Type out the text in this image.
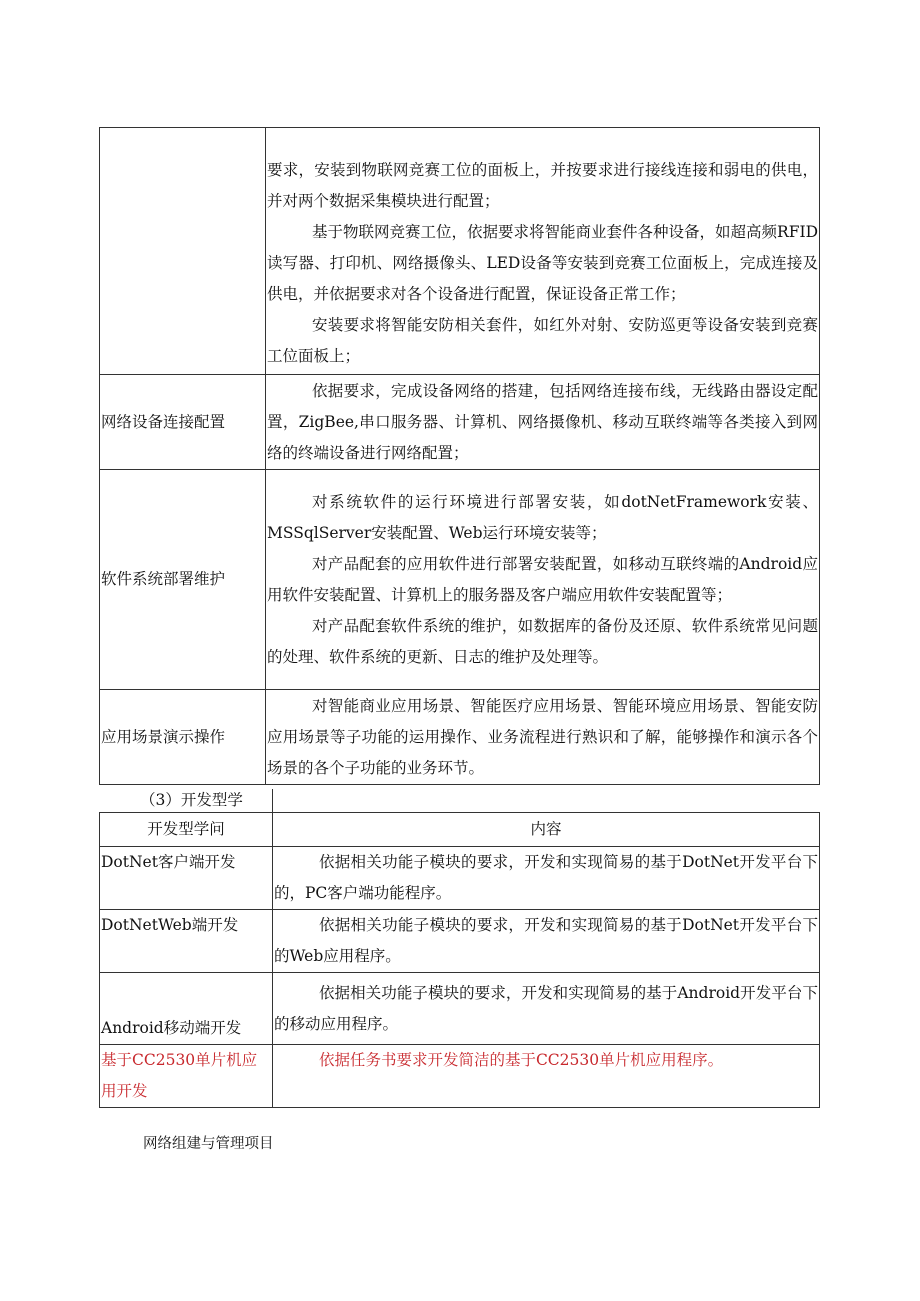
	要求，安装到物联网竞赛工位的面板上，并按要求进行接线连接和弱电的供电，并对两个数据采集模块进行配置；

基于物联网竞赛工位，依据要求将智能商业套件各种设备，如超高频RFID读写器、打印机、网络摄像头、LED设备等安装到竞赛工位面板上，完成连接及供电，并依据要求对各个设备进行配置，保证设备正常工作；

安装要求将智能安防相关套件，如红外对射、安防巡更等设备安装到竞赛工位面板上；

网络设备连接配置	依据要求，完成设备网络的搭建，包括网络连接布线，无线路由器设定配置，ZigBee,串口服务器、计算机、网络摄像机、移动互联终端等各类接入到网络的终端设备进行网络配置；

软件系统部署维护	对系统软件的运行环境进行部署安装，如dotNetFramework安装、MSSqlServer安装配置、Web运行环境安装等；

对产品配套的应用软件进行部署安装配置，如移动互联终端的Android应用软件安装配置、计算机上的服务器及客户端应用软件安装配置等；

对产品配套软件系统的维护，如数据库的备份及还原、软件系统常见问题的处理、软件系统的更新、日志的维护及处理等。

应用场景演示操作	对智能商业应用场景、智能医疗应用场景、智能环境应用场景、智能安防应用场景等子功能的运用操作、业务流程进行熟识和了解，能够操作和演示各个场景的各个子功能的业务环节。

（3）开发型学
开发型学问	内容
DotNet客户端开发	依据相关功能子模块的要求，开发和实现简易的基于DotNet开发平台下的，PC客户端功能程序。

DotNetWeb端开发	依据相关功能子模块的要求，开发和实现简易的基于DotNet开发平台下的Web应用程序。

Android移动端开发	依据相关功能子模块的要求，开发和实现简易的基于Android开发平台下的移动应用程序。

基于CC2530单片机应用开发	依据任务书要求开发简洁的基于CC2530单片机应用程序。

网络组建与管理项目
